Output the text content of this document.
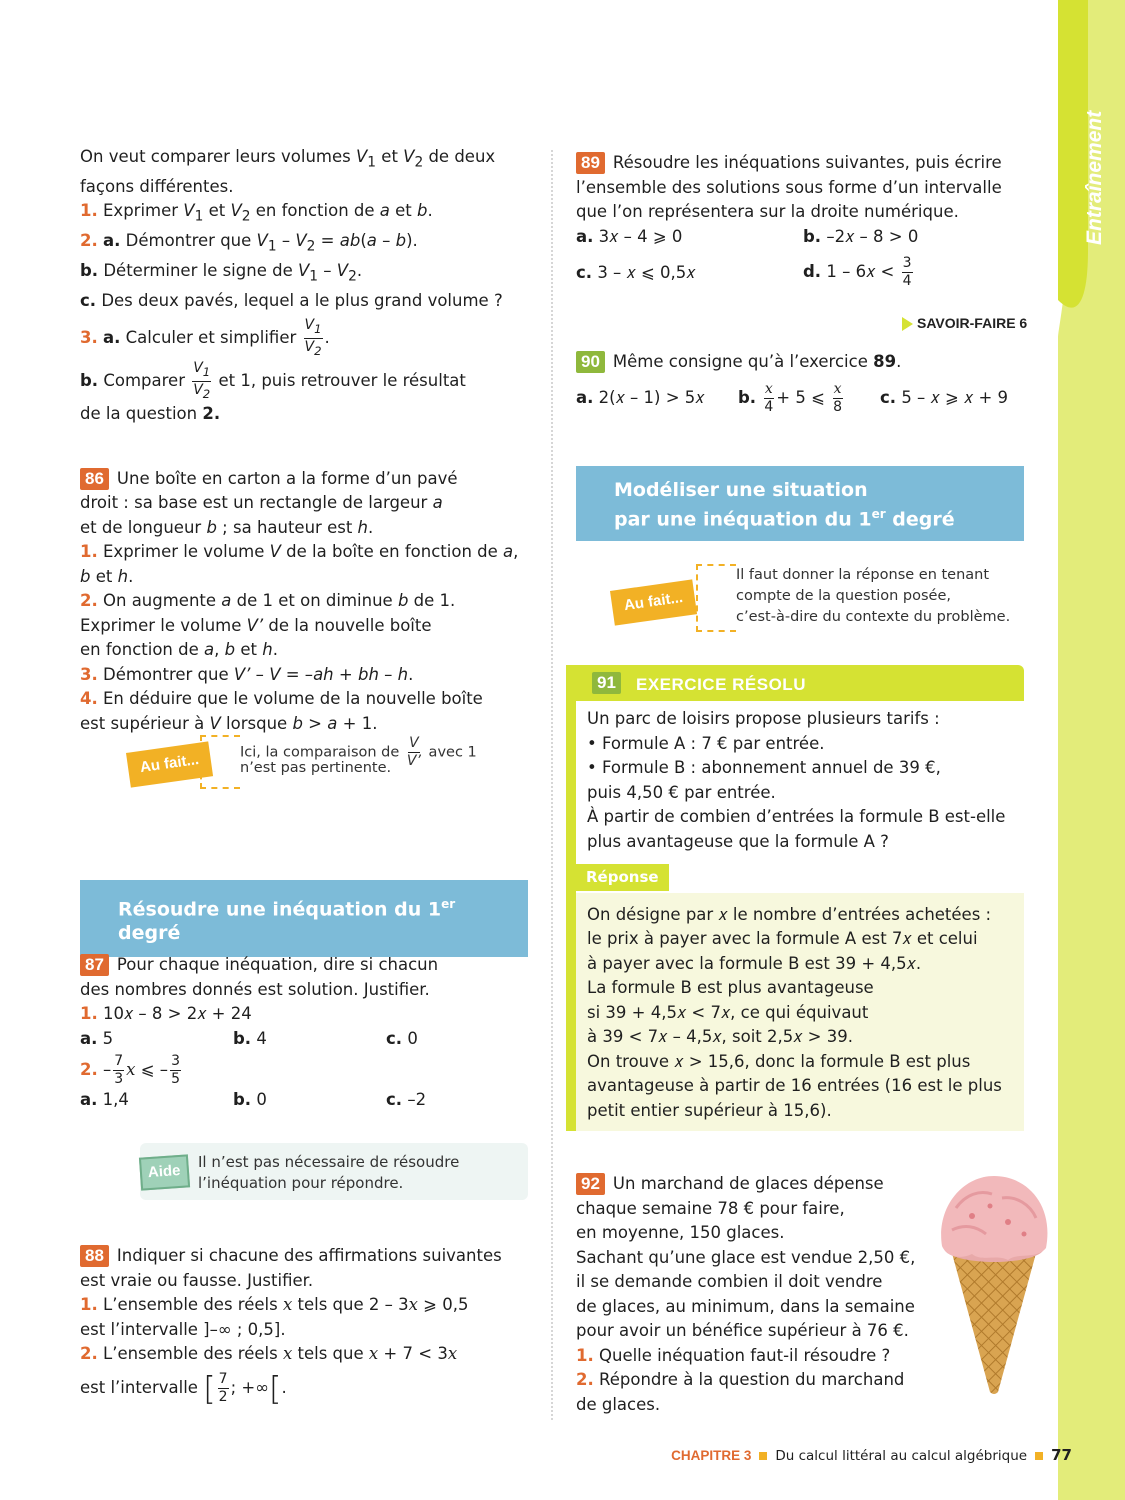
Entraînement
On veut comparer leurs volumes $V_1$ et $V_2$ de deux
façons différentes.
1. Exprimer $V_1$ et $V_2$ en fonction de a et b.
2. a. Démontrer que $V_1 - V_2 = ab(a - b)$.
b. Déterminer le signe de $V_1 - V_2$.
c. Des deux pavés, lequel a le plus grand volume ?
3. a. Calculer et simplifier $\frac{V_1}{V_2}$ .
b. Comparer $\frac{V_1}{V_2}$ et 1, puis retrouver le résultat
de la question 2.
86 Une boîte en carton a la forme d’un pavé
droit : sa base est un rectangle de largeur a
et de longueur b ; sa hauteur est h.
1. Exprimer le volume V de la boîte en fonction de a,
b et h.
2. On augmente a de 1 et on diminue b de 1.
Exprimer le volume V’ de la nouvelle boîte
en fonction de a, b et h.
3. Démontrer que V’ – V = –ah + bh – h.
4. En déduire que le volume de la nouvelle boîte
est supérieur à V lorsque b > a + 1.
Au fait...	Ici, la comparaison de $\frac{V}{V’}$ avec 1
n’est pas pertinente.
Résoudre une inéquation du 1er degré
87 Pour chaque inéquation, dire si chacun
des nombres donnés est solution. Justifier.
1. 10𝑥 – 8 > 2𝑥 + 24
a. 5	b. 4	c. 0
2. – $\frac{7}{3}$ x ⩽ – $\frac{3}{5}$
a. 1,4	b. 0	c. –2
Aide	Il n’est pas nécessaire de résoudre
l’inéquation pour répondre.
88 Indiquer si chacune des affirmations suivantes
est vraie ou fausse. Justifier.
1. L’ensemble des réels x tels que 2 – 3x ⩾ 0,5
est l’intervalle ]–∞ ; 0,5].
2. L’ensemble des réels x tels que x + 7 < 3x
est l’intervalle [ $\frac{7}{2}$ ; +∞[.
89 Résoudre les inéquations suivantes, puis écrire
l’ensemble des solutions sous forme d’un intervalle
que l’on représentera sur la droite numérique.
a. 3𝑥 – 4 ⩾ 0	b. –2𝑥 – 8 > 0
c. 3 – 𝑥 ⩽ 0,5𝑥	d. 1 – 6𝑥 < $\frac{3}{4}$
SAVOIR-FAIRE 6
90 Même consigne qu’à l’exercice 89.
a. 2(𝑥 – 1) > 5𝑥	b. $\frac{x}{4} + 5$ ⩽ $\frac{x}{8} c$. 5 – 𝑥 ⩾ 𝑥 + 9
Modéliser une situation
par une inéquation du 1er degré
Au fait...
Il faut donner la réponse en tenant
compte de la question posée,
c’est-à-dire du contexte du problème.
91 EXERCICE RÉSOLU
Un parc de loisirs propose plusieurs tarifs :
• Formule A : 7 € par entrée.
• Formule B : abonnement annuel de 39 €,
puis 4,50 € par entrée.
À partir de combien d’entrées la formule B est-elle
plus avantageuse que la formule A ?
Réponse
On désigne par 𝑥 le nombre d’entrées achetées :
le prix à payer avec la formule A est 7𝑥 et celui
à payer avec la formule B est 39 + 4,5𝑥.
La formule B est plus avantageuse
si 39 + 4,5𝑥 < 7𝑥, ce qui équivaut
à 39 < 7𝑥 – 4,5𝑥, soit 2,5𝑥 > 39.
On trouve 𝑥 > 15,6, donc la formule B est plus
avantageuse à partir de 16 entrées (16 est le plus
petit entier supérieur à 15,6).
92 Un marchand de glaces dépense
chaque semaine 78 € pour faire,
en moyenne, 150 glaces.
Sachant qu’une glace est vendue 2,50 €,
il se demande combien il doit vendre
de glaces, au minimum, dans la semaine
pour avoir un bénéfice supérieur à 76 €.
1. Quelle inéquation faut-il résoudre ?
2. Répondre à la question du marchand
de glaces.
CHAPITRE 3 Du calcul littéral au calcul algébrique 77
